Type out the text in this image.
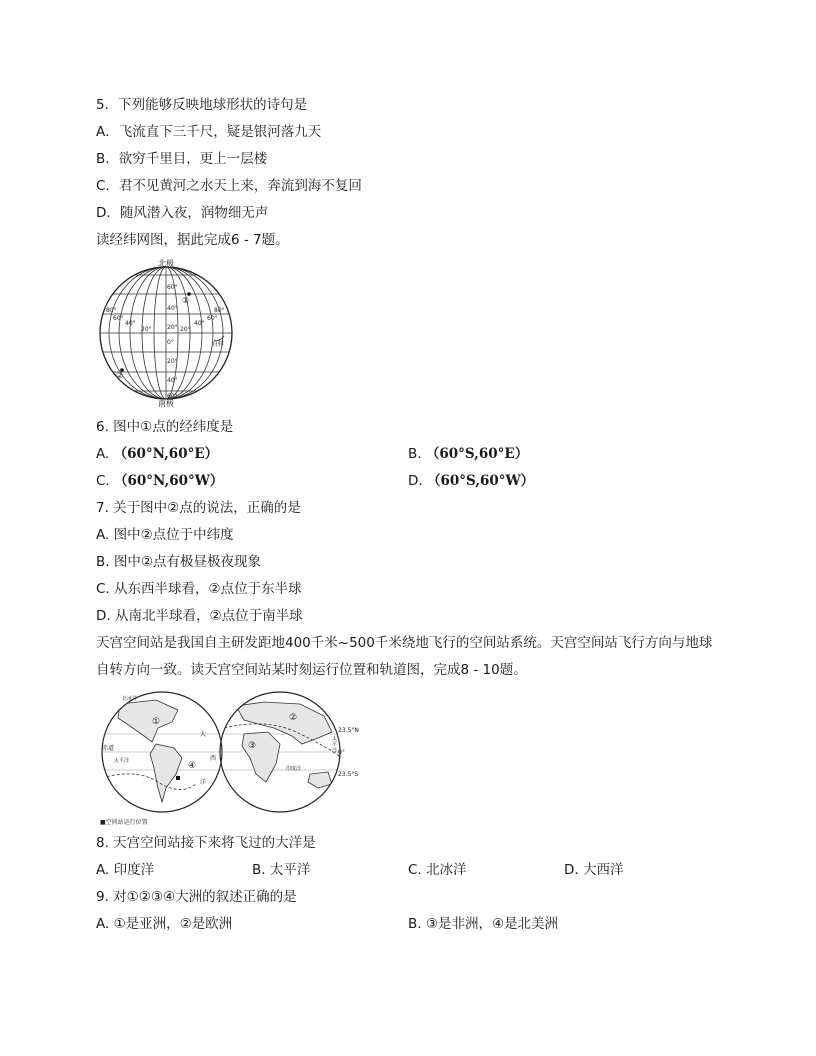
5．下列能够反映地球形状的诗句是
A．飞流直下三千尺，疑是银河落九天
B．欲穷千里目，更上一层楼
C．君不见黄河之水天上来，奔流到海不复回
D．随风潜入夜，润物细无声
读经纬网图，据此完成6 - 7题。
北极
南极
①
②
自转
60°
40°
20°
0°
20°
40°
60°
80°
60°
40°
20°	20°
40°
60°
80°
6. 图中①点的经纬度是
A. （60°N,60°E）	B. （60°S,60°E）
C. （60°N,60°W）	D. （60°S,60°W）
7. 关于图中②点的说法，正确的是
A. 图中②点位于中纬度
B. 图中②点有极昼极夜现象
C. 从东西半球看，②点位于东半球
D. 从南北半球看，②点位于南半球
天宫空间站是我国自主研发距地400千米~500千米绕地飞行的空间站系统。天宫空间站飞行方向与地球
自转方向一致。读天宫空间站某时刻运行位置和轨道图，完成8 - 10题。
北冰洋
赤道
太平洋
大
西
洋
印度洋
太
平
洋
23.5°N
0°
23.5°S
①	②
③
④
■空间站运行位置
8. 天宫空间站接下来将飞过的大洋是
A. 印度洋	B. 太平洋	C. 北冰洋	D. 大西洋
9. 对①②③④大洲的叙述正确的是
A. ①是亚洲，②是欧洲	B. ③是非洲，④是北美洲
